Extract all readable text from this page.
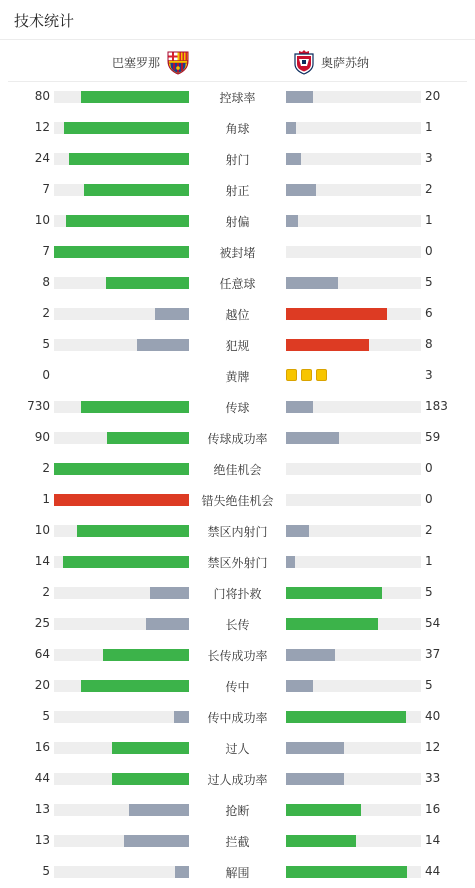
技术统计
巴塞罗那	奥萨苏纳
80	控球率	20
12	角球	1
24	射门	3
7	射正	2
10	射偏	1
7	被封堵	0
8	任意球	5
2	越位	6
5	犯规	8
0	黄牌	3
730	传球	183
90	传球成功率	59
2	绝佳机会	0
1	错失绝佳机会	0
10	禁区内射门	2
14	禁区外射门	1
2	门将扑救	5
25	长传	54
64	长传成功率	37
20	传中	5
5	传中成功率	40
16	过人	12
44	过人成功率	33
13	抢断	16
13	拦截	14
5	解围	44
